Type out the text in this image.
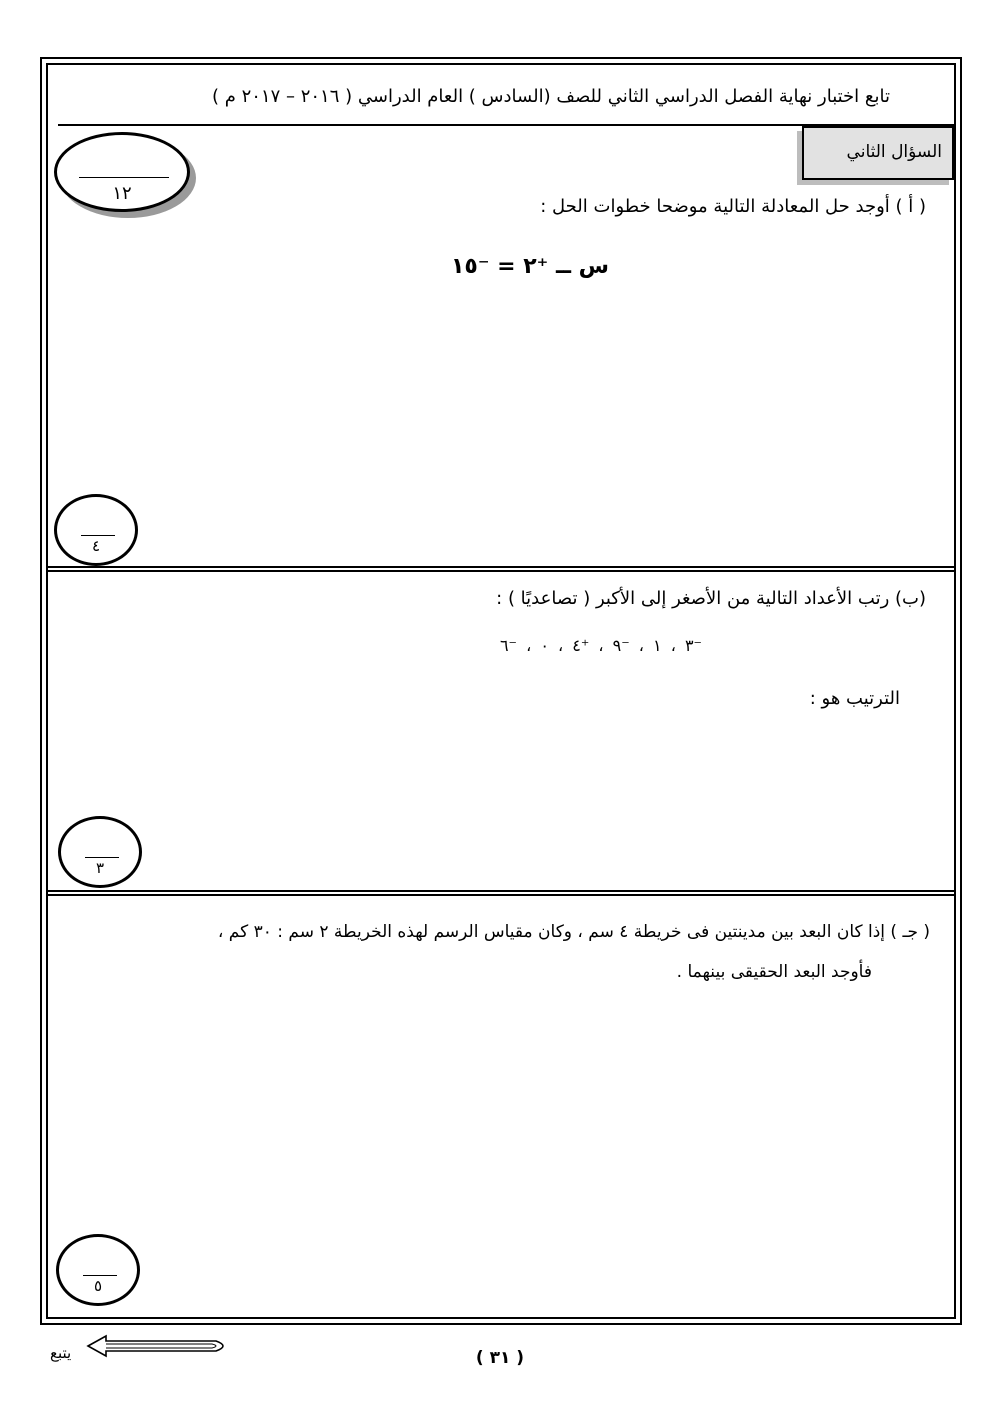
تابع اختبار نهاية الفصل الدراسي الثاني للصف (السادس ) العام الدراسي ( ٢٠١٦ – ٢٠١٧ م )
السؤال الثاني
١٢
( أ ) أوجد حل المعادلة التالية موضحا خطوات الحل :
س ــ ⁺٢ = ⁻١٥
٤
(ب) رتب الأعداد التالية من الأصغر إلى الأكبر ( تصاعديًا ) :
⁻٣ ، ١ ، ⁻٩ ، ⁺٤ ، ٠ ، ⁻٦
الترتيب هو :
٣
( جـ ) إذا كان البعد بين مدينتين فى خريطة ٤ سم ، وكان مقياس الرسم لهذه الخريطة ٢ سم : ٣٠ كم ،
فأوجد البعد الحقيقى بينهما .
٥
يتبع	( ٣١ )
